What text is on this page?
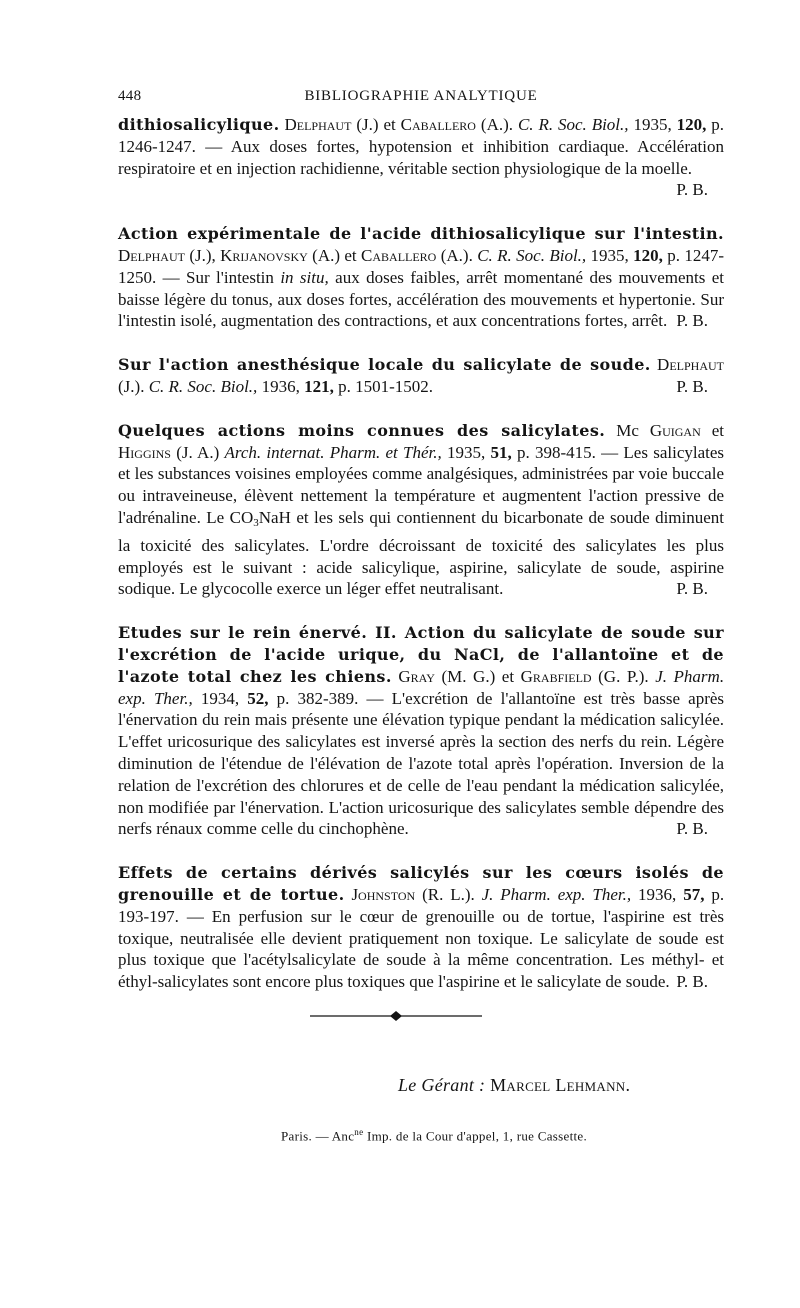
448	BIBLIOGRAPHIE ANALYTIQUE

dithiosalicylique. Delphaut (J.) et Caballero (A.). C. R. Soc. Biol., 1935, 120, p. 1246-1247. — Aux doses fortes, hypotension et inhibition cardiaque. Accélération respiratoire et en injection rachidienne, véritable section physiologique de la moelle.
P. B.

Action expérimentale de l'acide dithiosalicylique sur l'intestin. Delphaut (J.), Krijanovsky (A.) et Caballero (A.). C. R. Soc. Biol., 1935, 120, p. 1247-1250. — Sur l'intestin in situ, aux doses faibles, arrêt momentané des mouvements et baisse légère du tonus, aux doses fortes, accélération des mouvements et hypertonie. Sur l'intestin isolé, augmentation des contractions, et aux concentrations fortes, arrêt. P. B.

Sur l'action anesthésique locale du salicylate de soude. Delphaut (J.). C. R. Soc. Biol., 1936, 121, p. 1501-1502.	P. B.

Quelques actions moins connues des salicylates. Mc Guigan et Higgins (J. A.) Arch. internat. Pharm. et Thér., 1935, 51, p. 398-415. — Les salicylates et les substances voisines employées comme analgésiques, administrées par voie buccale ou intraveineuse, élèvent nettement la température et augmentent l'action pressive de l'adrénaline. Le $CO_3NaH$ et les sels qui contiennent du bicarbonate de soude diminuent la toxicité des salicylates. L'ordre décroissant de toxicité des salicylates les plus employés est le suivant : acide salicylique, aspirine, salicylate de soude, aspirine sodique. Le glycocolle exerce un léger effet neutralisant.	P. B.

Etudes sur le rein énervé. II. Action du salicylate de soude sur l'excrétion de l'acide urique, du NaCl, de l'allantoïne et de l'azote total chez les chiens. Gray (M. G.) et Grabfield (G. P.). J. Pharm. exp. Ther., 1934, 52, p. 382-389. — L'excrétion de l'allantoïne est très basse après l'énervation du rein mais présente une élévation typique pendant la médication salicylée. L'effet uricosurique des salicylates est inversé après la section des nerfs du rein. Légère diminution de l'étendue de l'élévation de l'azote total après l'opération. Inversion de la relation de l'excrétion des chlorures et de celle de l'eau pendant la médication salicylée, non modifiée par l'énervation. L'action uricosurique des salicylates semble dépendre des nerfs rénaux comme celle du cinchophène.	P. B.

Effets de certains dérivés salicylés sur les cœurs isolés de grenouille et de tortue. Johnston (R. L.). J. Pharm. exp. Ther., 1936, 57, p. 193-197. — En perfusion sur le cœur de grenouille ou de tortue, l'aspirine est très toxique, neutralisée elle devient pratiquement non toxique. Le salicylate de soude est plus toxique que l'acétylsalicylate de soude à la même concentration. Les méthyl- et éthyl-salicylates sont encore plus toxiques que l'aspirine et le salicylate de soude. P. B.

Le Gérant : Marcel Lehmann.
Paris. — Anc$^{ne}$ Imp. de la Cour d'appel, 1, rue Cassette.
